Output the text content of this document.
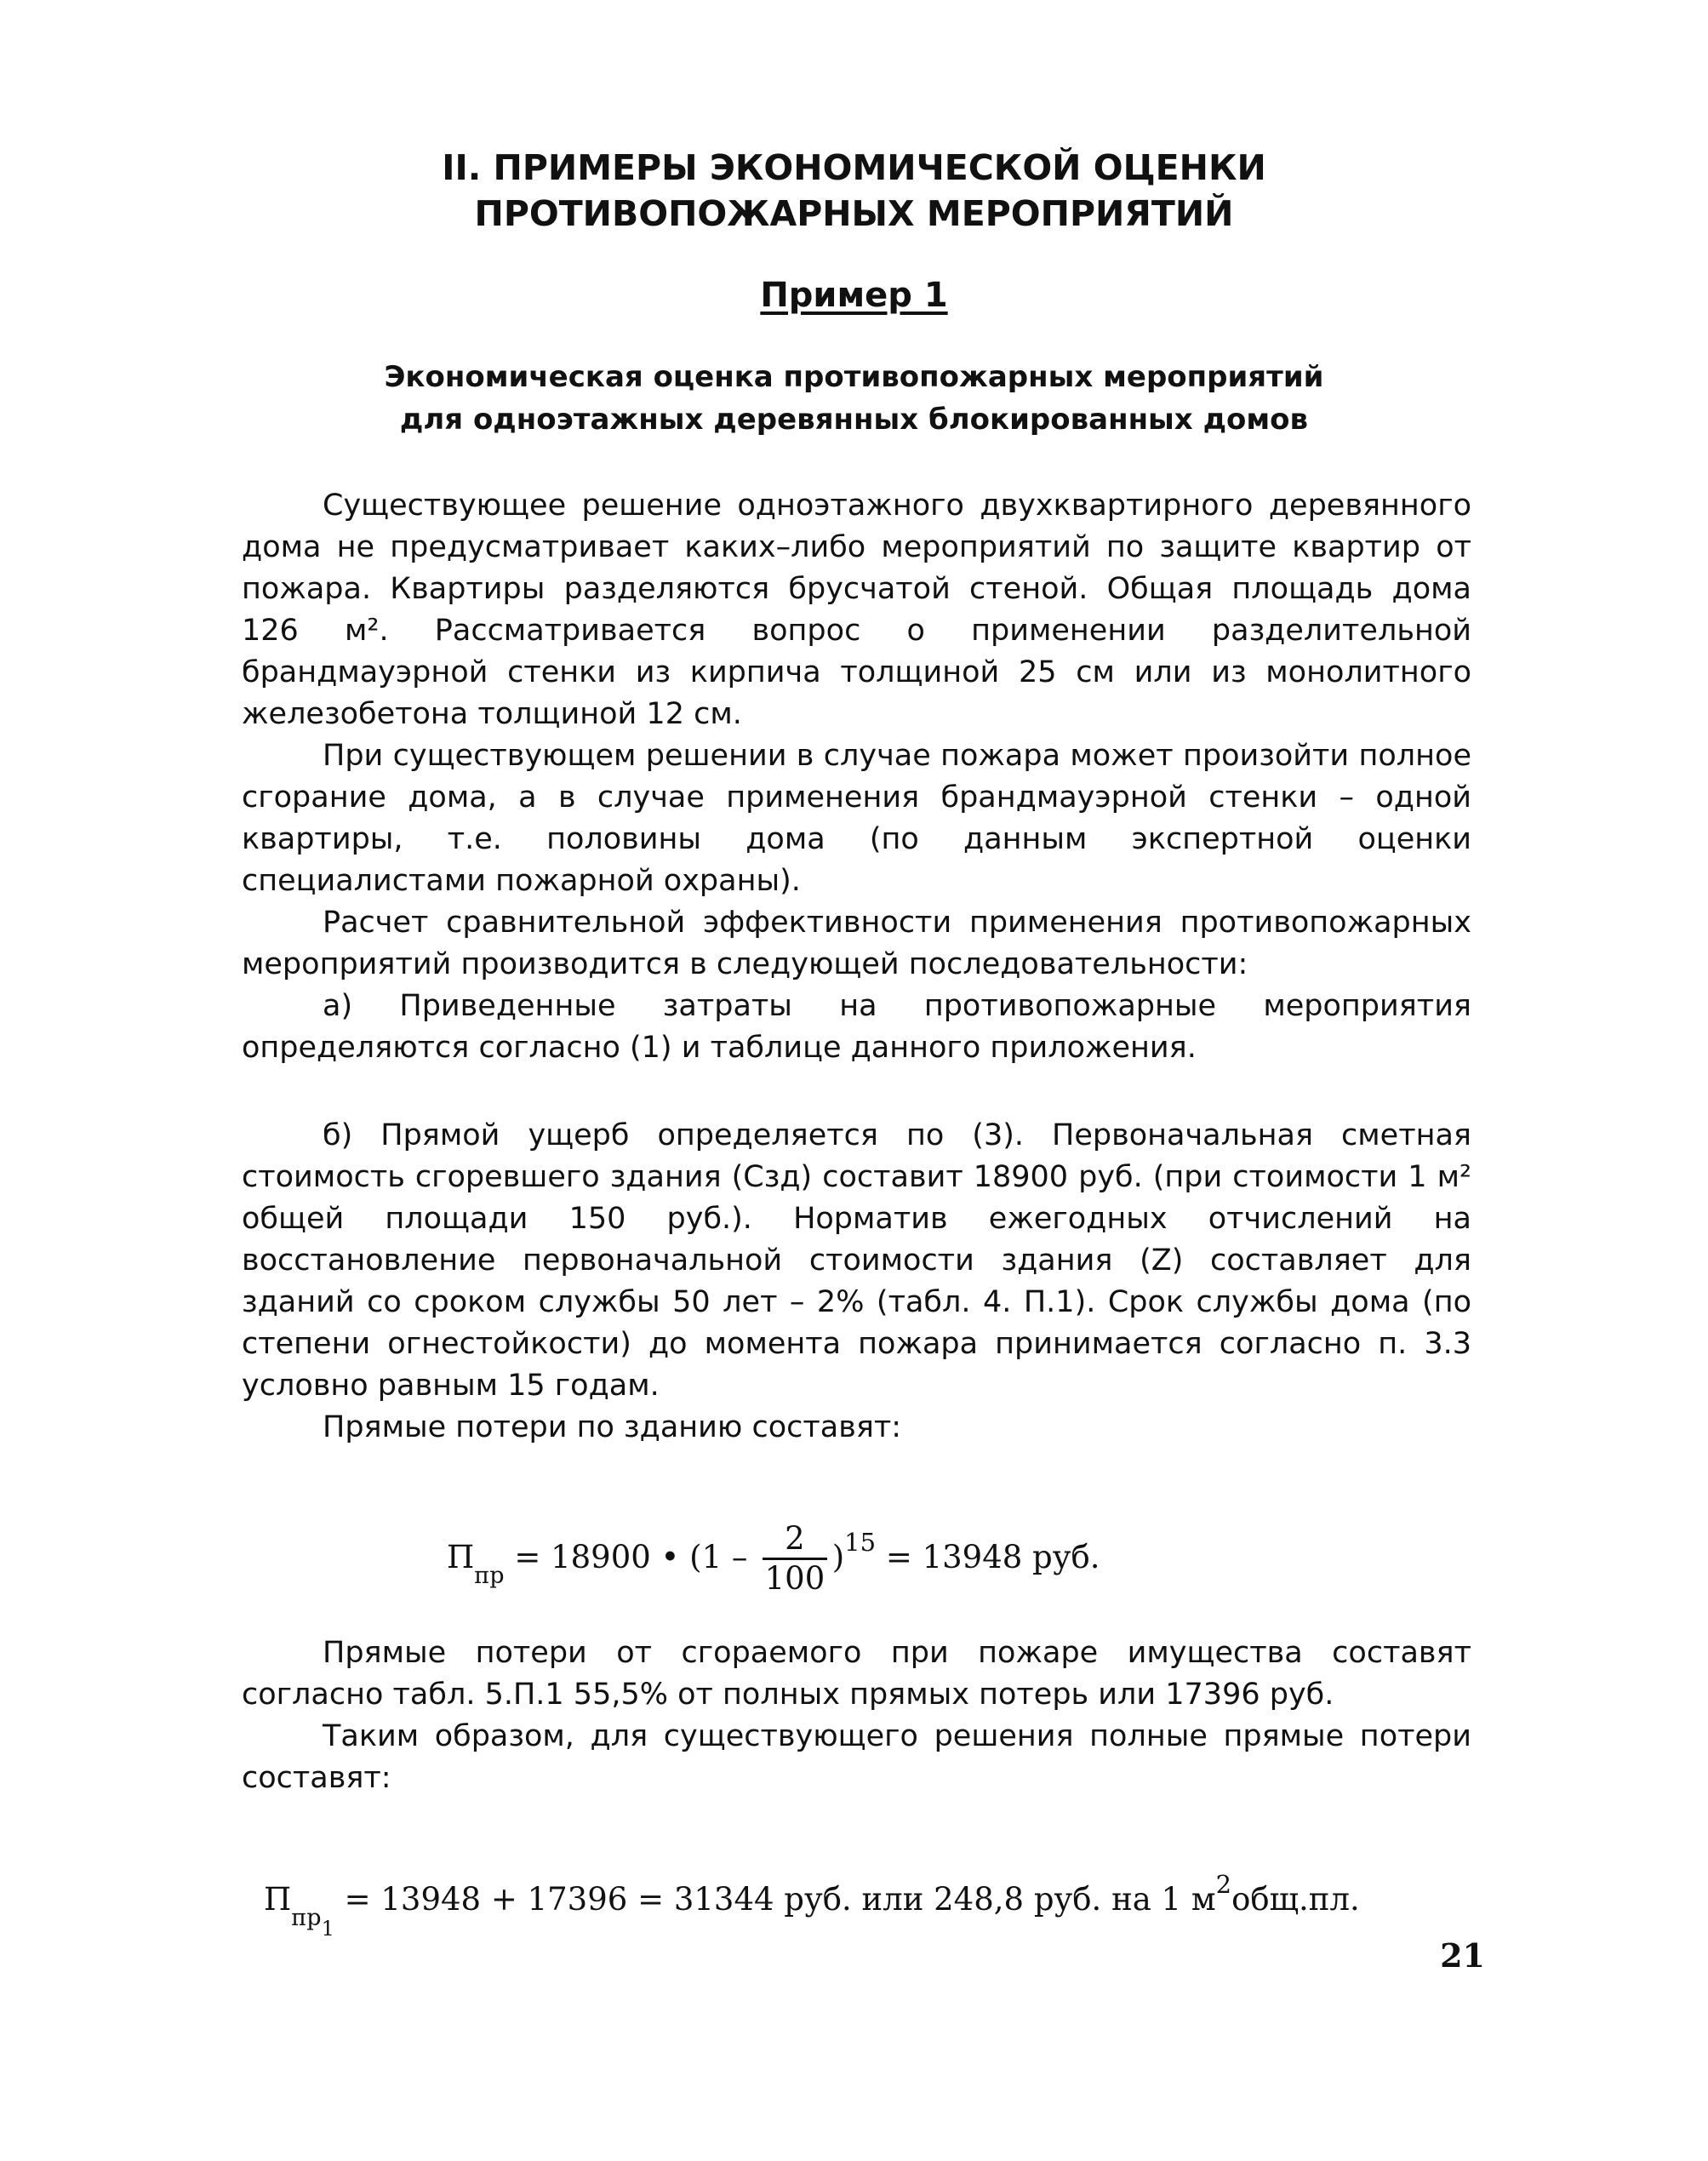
II. ПРИМЕРЫ ЭКОНОМИЧЕСКОЙ ОЦЕНКИ
ПРОТИВОПОЖАРНЫХ МЕРОПРИЯТИЙ
Пример 1
Экономическая оценка противопожарных мероприятий
для одноэтажных деревянных блокированных домов

Существующее решение одноэтажного двухквартирного деревянного дома не предусматривает каких–либо мероприятий по защите квартир от пожара. Квартиры разделяются брусчатой стеной. Общая площадь дома 126 м². Рассматривается вопрос о применении разделительной брандмауэрной стенки из кирпича толщиной 25 см или из монолитного железобетона толщиной 12 см.

При существующем решении в случае пожара может произойти полное сгорание дома, а в случае применения брандмауэрной стенки – одной квартиры, т.е. половины дома (по данным экспертной оценки специалистами пожарной охраны).

Расчет сравнительной эффективности применения противопожарных мероприятий производится в следующей последовательности:

а) Приведенные затраты на противопожарные мероприятия определяются согласно (1) и таблице данного приложения.

б) Прямой ущерб определяется по (3). Первоначальная сметная стоимость сгоревшего здания (Сзд) составит 18900 руб. (при стоимости 1 м² общей площади 150 руб.). Норматив ежегодных отчислений на восстановление первоначальной стоимости здания (Z) составляет для зданий со сроком службы 50 лет – 2% (табл. 4. П.1). Срок службы дома (по степени огнестойкости) до момента пожара принимается согласно п. 3.3 условно равным 15 годам.

Прямые потери по зданию составят:

$П_{пр} = 18900$ • $(1 - \frac{2}{100} )^{15} = 13948$ руб.

Прямые потери от сгораемого при пожаре имущества составят согласно табл. 5.П.1 55,5% от полных прямых потерь или 17396 руб.

Таким образом, для существующего решения полные прямые потери составят:

$П_{пр1} = 13948 + 17396 = 31344$ руб. или 248,8 руб. на 1 $м^2общ.пл$.
21
